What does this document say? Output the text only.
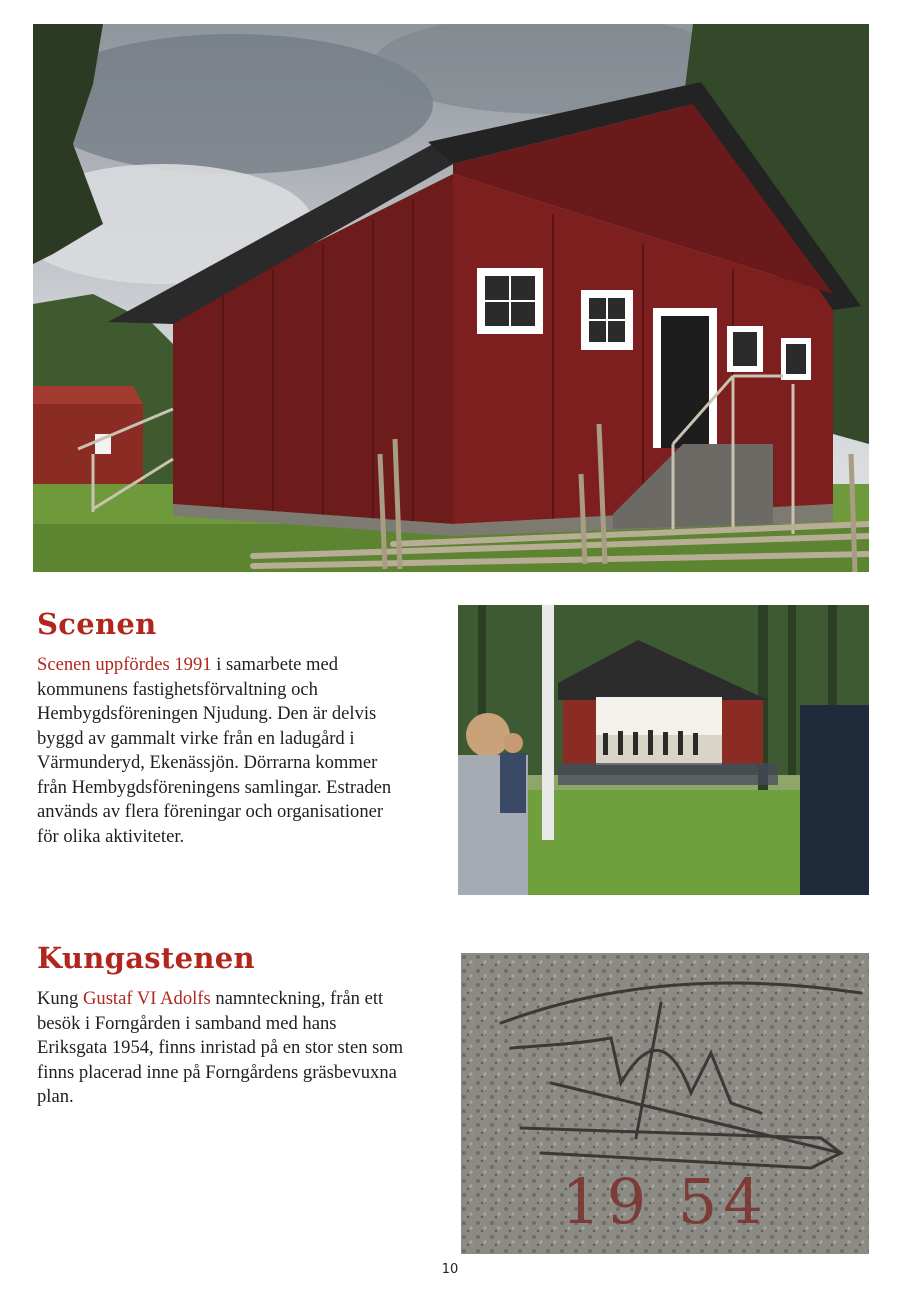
Scenen

Scenen uppfördes 1991 i samarbete med kommunens fastighetsförvaltning och Hembygdsföreningen Njudung. Den är delvis byggd av gammalt virke från en ladugård i Värmunderyd, Ekenässjön. Dörrarna kommer från Hembygdsföreningens samlingar. Estraden används av flera föreningar och organisationer för olika aktiviteter.

Kungastenen

Kung Gustaf VI Adolfs namnteckning, från ett besök i Forngården i samband med hans Eriksgata 1954, finns inristad på en stor sten som finns placerad inne på Forngårdens gräsbevuxna plan.

19 54
10
